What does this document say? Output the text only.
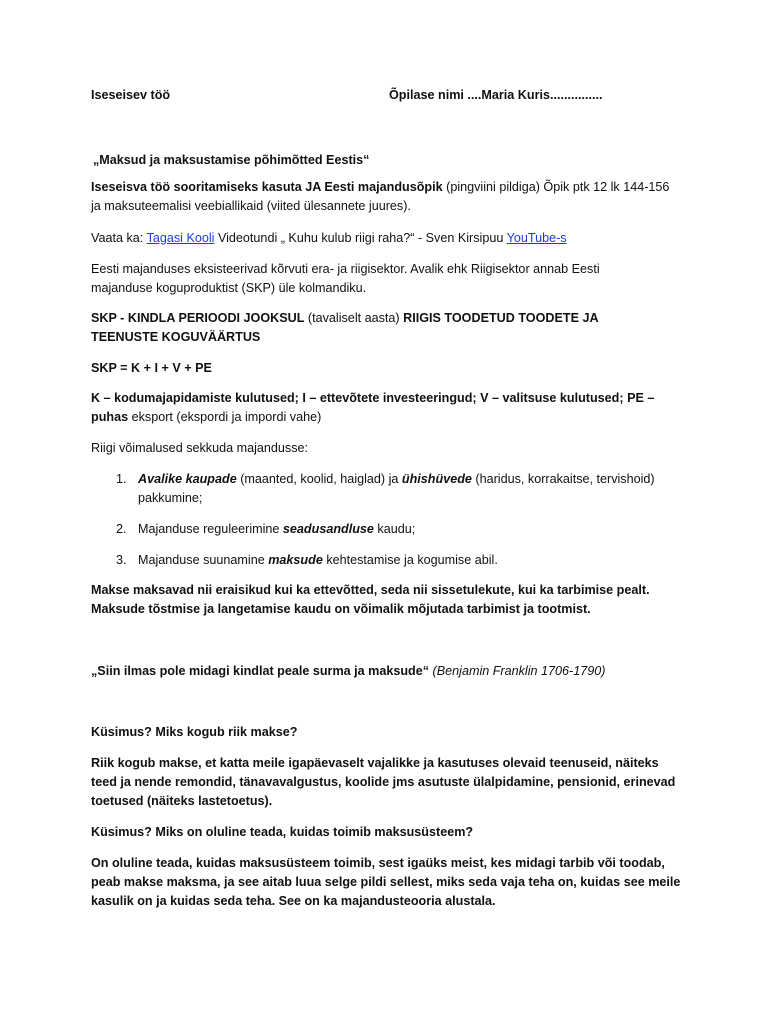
Iseseisev töö	Õpilase nimi ....Maria Kuris...............
„Maksud ja maksustamise põhimõtted Eestis“

Iseseisva töö sooritamiseks kasuta JA Eesti majandusõpik (pingviini pildiga) Õpik ptk 12 lk 144-156 ja maksuteemalisi veebiallikaid (viited ülesannete juures).

Vaata ka: Tagasi Kooli Videotundi „ Kuhu kulub riigi raha?“ - Sven Kirsipuu YouTube-s

Eesti majanduses eksisteerivad kõrvuti era- ja riigisektor. Avalik ehk Riigisektor annab Eesti majanduse koguproduktist (SKP) üle kolmandiku.

SKP - KINDLA PERIOODI JOOKSUL (tavaliselt aasta) RIIGIS TOODETUD TOODETE JA TEENUSTE KOGUVÄÄRTUS

SKP = K + I + V + PE

K – kodumajapidamiste kulutused; I – ettevõtete investeeringud; V – valitsuse kulutused; PE – puhas eksport (ekspordi ja impordi vahe)

Riigi võimalused sekkuda majandusse:
1. Avalike kaupade (maanted, koolid, haiglad) ja ühishüvede (haridus, korrakaitse, tervishoid) pakkumine;
2. Majanduse reguleerimine seadusandluse kaudu;
3. Majanduse suunamine maksude kehtestamise ja kogumise abil.

Makse maksavad nii eraisikud kui ka ettevõtted, seda nii sissetulekute, kui ka tarbimise pealt. Maksude tõstmise ja langetamise kaudu on võimalik mõjutada tarbimist ja tootmist.

„Siin ilmas pole midagi kindlat peale surma ja maksude“ (Benjamin Franklin 1706-1790)

Küsimus? Miks kogub riik makse?

Riik kogub makse, et katta meile igapäevaselt vajalikke ja kasutuses olevaid teenuseid, näiteks teed ja nende remondid, tänavavalgustus, koolide jms asutuste ülalpidamine, pensionid, erinevad toetused (näiteks lastetoetus).

Küsimus? Miks on oluline teada, kuidas toimib maksusüsteem?

On oluline teada, kuidas maksusüsteem toimib, sest igaüks meist, kes midagi tarbib või toodab, peab makse maksma, ja see aitab luua selge pildi sellest, miks seda vaja teha on, kuidas see meile kasulik on ja kuidas seda teha. See on ka majandusteooria alustala.
